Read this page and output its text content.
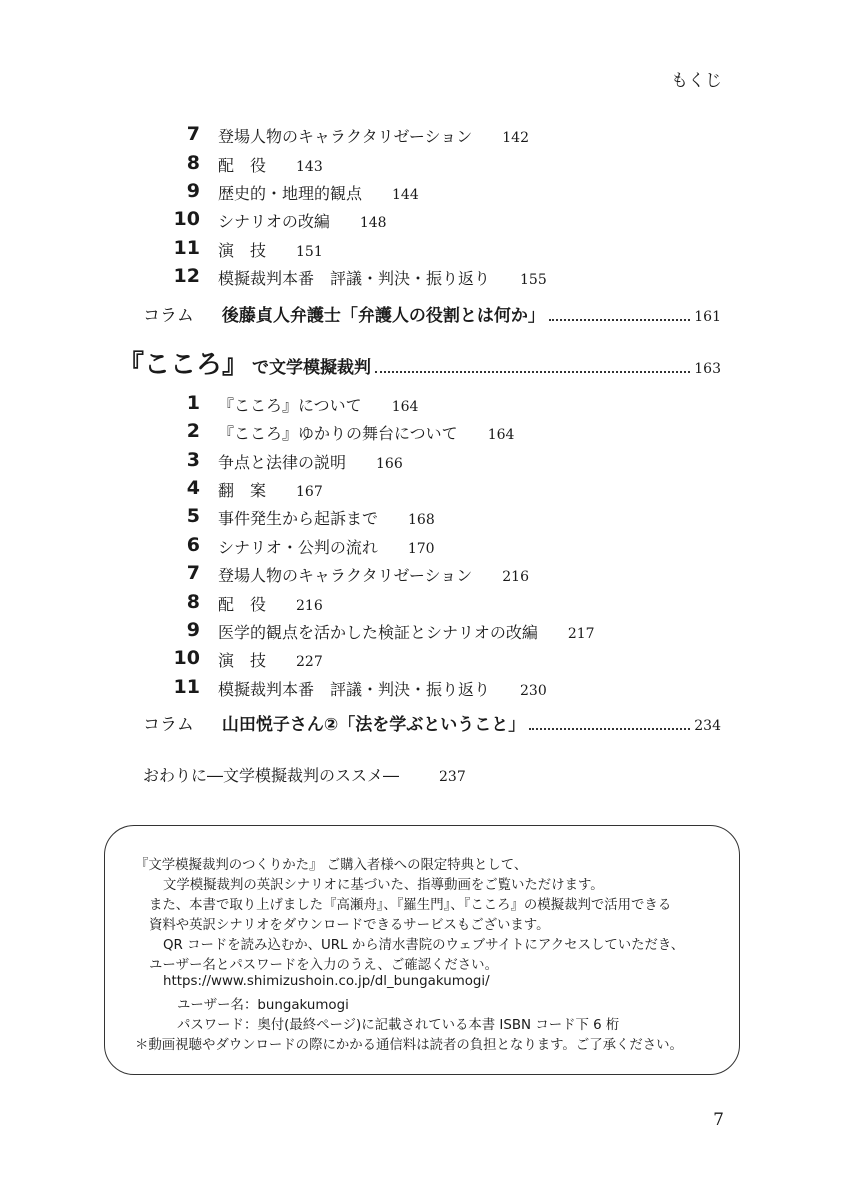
もくじ
7 登場人物のキャラクタリゼーション 142
8 配　役 143
9 歴史的・地理的観点 144
10 シナリオの改編 148
11 演　技 151
12 模擬裁判本番　評議・判決・振り返り 155
コラム 後藤貞人弁護士「弁護人の役割とは何か」	161
『こころ』 で文学模擬裁判	163
1 『こころ』について 164
2 『こころ』ゆかりの舞台について 164
3 争点と法律の説明 166
4 翻　案 167
5 事件発生から起訴まで 168
6 シナリオ・公判の流れ 170
7 登場人物のキャラクタリゼーション 216
8 配　役 216
9 医学的観点を活かした検証とシナリオの改編 217
10 演　技 227
11 模擬裁判本番　評議・判決・振り返り 230
コラム 山田悦子さん②「法を学ぶということ」	234
おわりに―文学模擬裁判のススメ―	237
『文学模擬裁判のつくりかた』 ご購入者様への限定特典として、
文学模擬裁判の英訳シナリオに基づいた、指導動画をご覧いただけます。
また、本書で取り上げました『高瀬舟』、『羅生門』、『こころ』の模擬裁判で活用できる
資料や英訳シナリオをダウンロードできるサービスもございます。
QR コードを読み込むか、URL から清水書院のウェブサイトにアクセスしていただき、
ユーザー名とパスワードを入力のうえ、ご確認ください。
https://www.shimizushoin.co.jp/dl_bungakumogi/
ユーザー名：bungakumogi
パスワード：奥付(最終ページ)に記載されている本書 ISBN コード下 6 桁
＊動画視聴やダウンロードの際にかかる通信料は読者の負担となります。ご了承ください。
7
